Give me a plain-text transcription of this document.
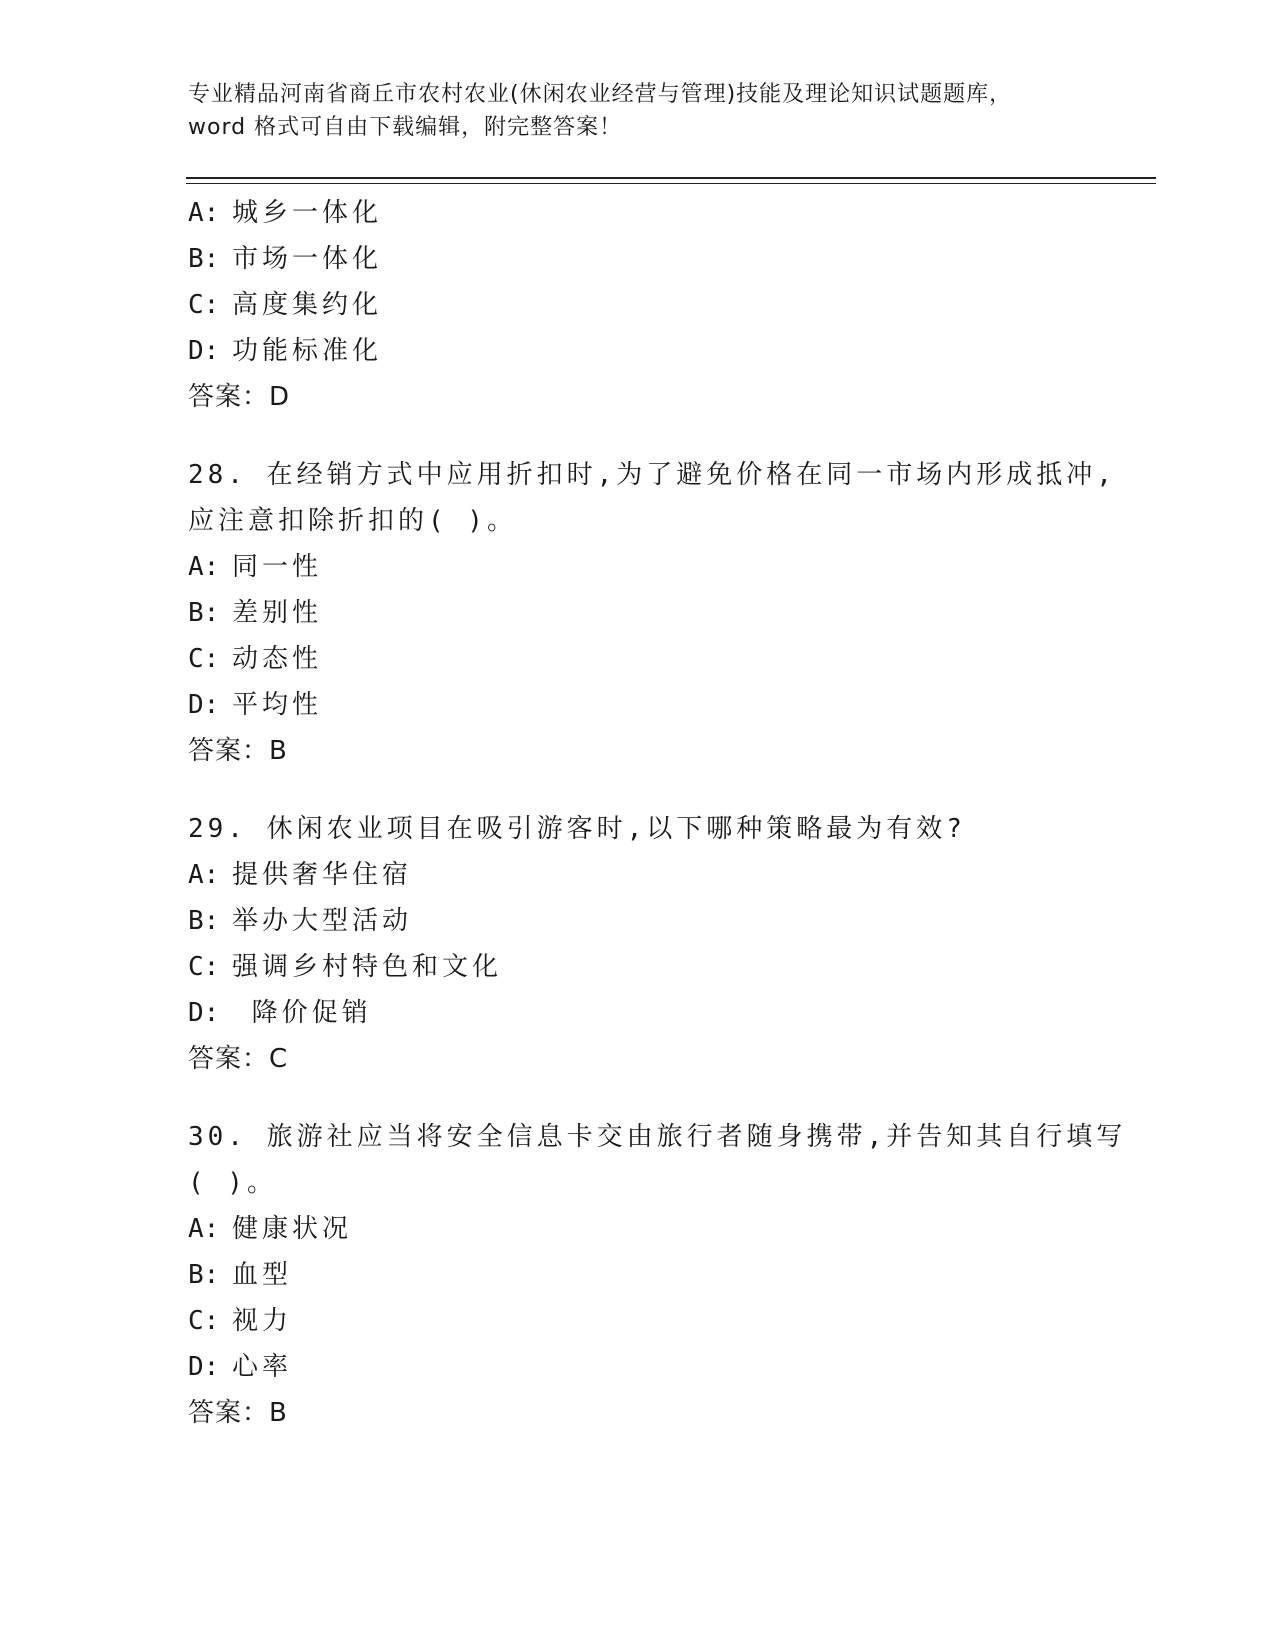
专业精品河南省商丘市农村农业(休闲农业经营与管理)技能及理论知识试题题库，
word 格式可自由下载编辑，附完整答案！
A: 城乡一体化
B: 市场一体化
C: 高度集约化
D: 功能标准化
答案：D
28. 在经销方式中应用折扣时,为了避免价格在同一市场内形成抵冲,
应注意扣除折扣的( )。
A: 同一性
B: 差别性
C: 动态性
D: 平均性
答案：B
29. 休闲农业项目在吸引游客时,以下哪种策略最为有效?
A: 提供奢华住宿
B: 举办大型活动
C: 强调乡村特色和文化
D: 降价促销
答案：C
30. 旅游社应当将安全信息卡交由旅行者随身携带,并告知其自行填写
( )。
A: 健康状况
B: 血型
C: 视力
D: 心率
答案：B
